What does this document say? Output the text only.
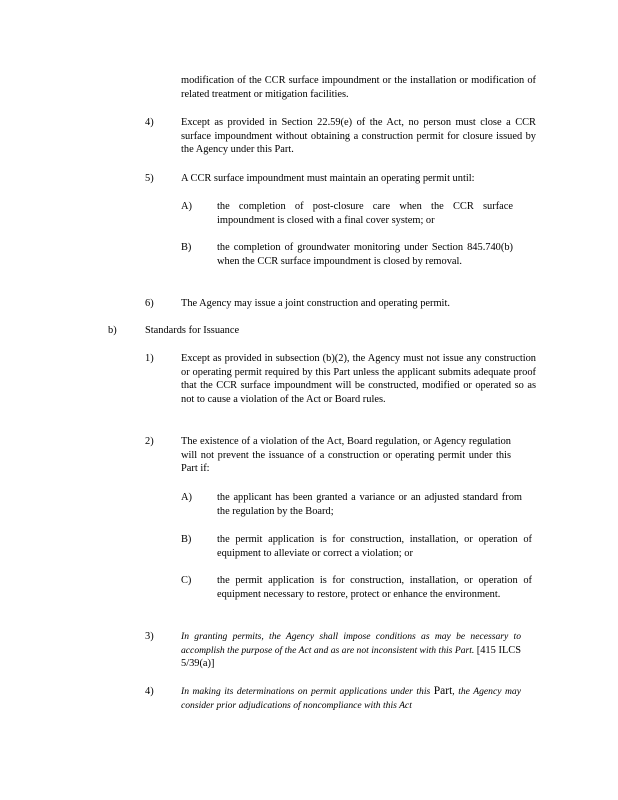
modification of the CCR surface impoundment or the installation or modification of related treatment or mitigation facilities.
4)	Except as provided in Section 22.59(e) of the Act, no person must close a CCR surface impoundment without obtaining a construction permit for closure issued by the Agency under this Part.
5)	A CCR surface impoundment must maintain an operating permit until:
A) the completion of post-closure care when the CCR surface impoundment is closed with a final cover system; or
B) the completion of groundwater monitoring under Section 845.740(b) when the CCR surface impoundment is closed by removal.
6)	The Agency may issue a joint construction and operating permit.
b)	Standards for Issuance
1)	Except as provided in subsection (b)(2), the Agency must not issue any construction or operating permit required by this Part unless the applicant submits adequate proof that the CCR surface impoundment will be constructed, modified or operated so as not to cause a violation of the Act or Board rules.
2)	The existence of a violation of the Act, Board regulation, or Agency regulation will not prevent the issuance of a construction or operating permit under this Part if:
A) the applicant has been granted a variance or an adjusted standard from the regulation by the Board;
B) the permit application is for construction, installation, or operation of equipment to alleviate or correct a violation; or
C) the permit application is for construction, installation, or operation of equipment necessary to restore, protect or enhance the environment.
3)	In granting permits, the Agency shall impose conditions as may be necessary to accomplish the purpose of the Act and as are not inconsistent with this Part. [415 ILCS 5/39(a)]
4)	In making its determinations on permit applications under this Part, the Agency may consider prior adjudications of noncompliance with this Act
